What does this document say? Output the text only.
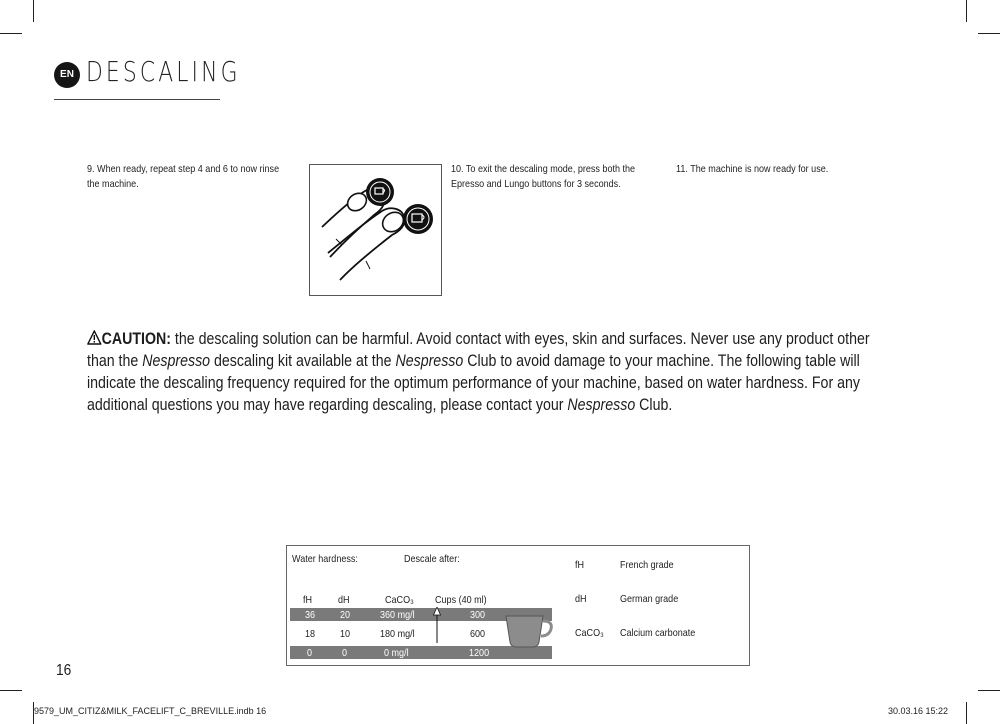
EN DESCALING
9. When ready, repeat step 4 and 6 to now rinse the machine.
10. To exit the descaling mode, press both the Epresso and Lungo buttons for 3 seconds.
11. The machine is now ready for use.
CAUTION: the descaling solution can be harmful. Avoid contact with eyes, skin and surfaces. Never use any product other than the Nespresso descaling kit available at the Nespresso Club to avoid damage to your machine. The following table will indicate the descaling frequency required for the optimum performance of your machine, based on water hardness. For any additional questions you may have regarding descaling, please contact your Nespresso Club.
Water hardness:	Descale after:
fH dH	CaCO₃ Cups (40 ml)
36 20	360 mg/l	300
18 10	180 mg/l	600
0	0	0 mg/l	1200
fH	French grade
dH	German grade
CaCO₃ Calcium carbonate
16
9579_UM_CITIZ&MILK_FACELIFT_C_BREVILLE.indb 16	30.03.16 15:22
